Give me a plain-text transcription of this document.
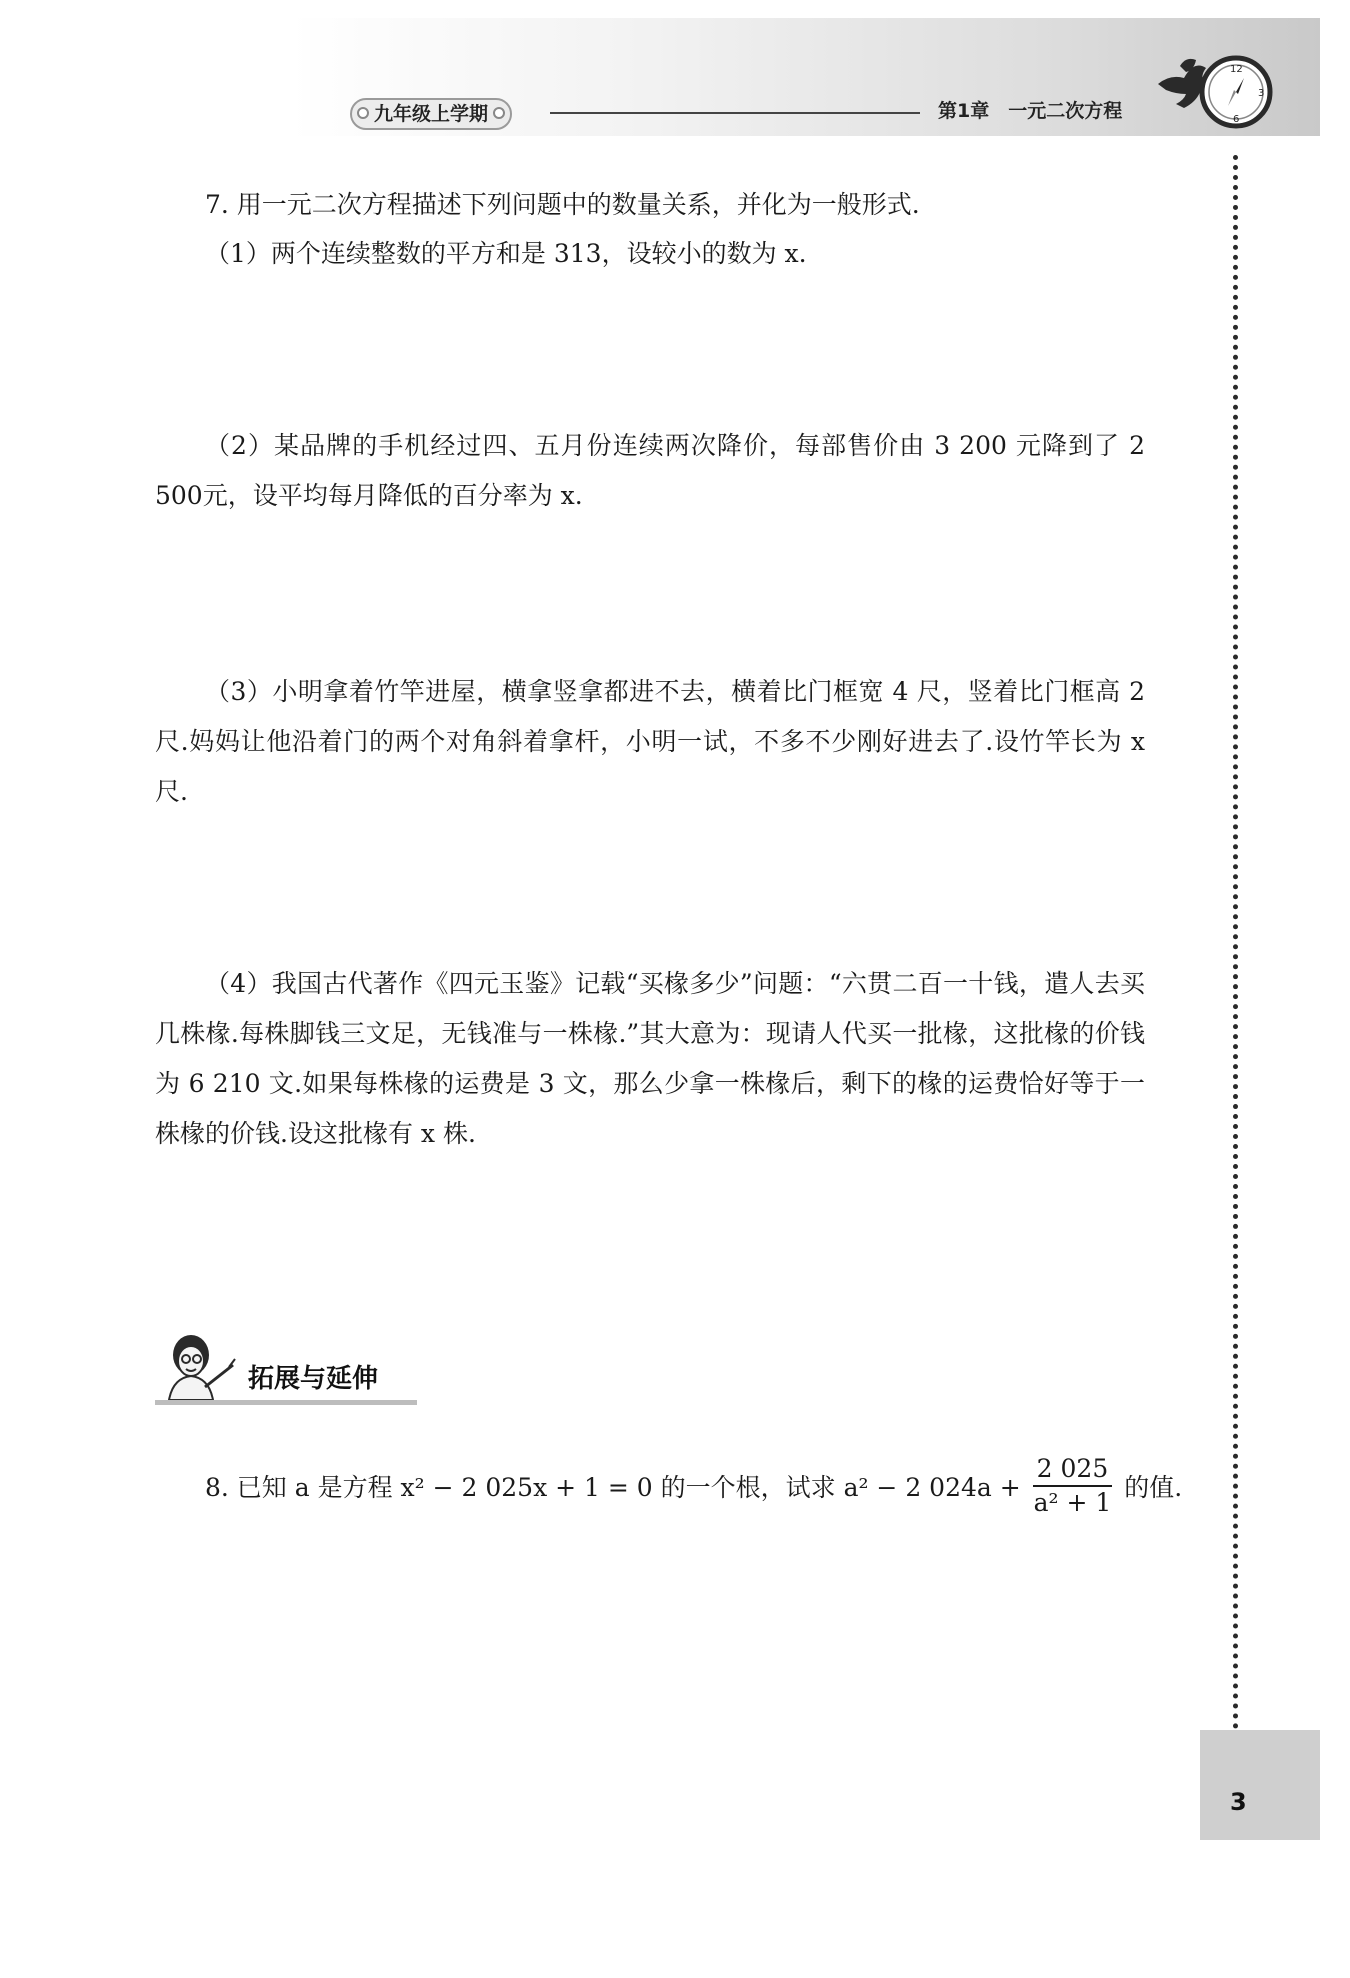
九年级上学期	第1章　一元二次方程
12
3
6
7. 用一元二次方程描述下列问题中的数量关系，并化为一般形式.
（1）两个连续整数的平方和是 313，设较小的数为 x.
（2）某品牌的手机经过四、五月份连续两次降价，每部售价由 3 200 元降到了 2 500元，设平均每月降低的百分率为 x.
（3）小明拿着竹竿进屋，横拿竖拿都进不去，横着比门框宽 4 尺，竖着比门框高 2 尺.妈妈让他沿着门的两个对角斜着拿杆，小明一试，不多不少刚好进去了.设竹竿长为 x 尺.
（4）我国古代著作《四元玉鉴》记载“买椽多少”问题：“六贯二百一十钱，遣人去买几株椽.每株脚钱三文足，无钱准与一株椽.”其大意为：现请人代买一批椽，这批椽的价钱为 6 210 文.如果每株椽的运费是 3 文，那么少拿一株椽后，剩下的椽的运费恰好等于一株椽的价钱.设这批椽有 x 株.
拓展与延伸
8. 已知 a 是方程 x² − 2 025x + 1 = 0 的一个根，试求 a² − 2 $024a + \frac{2 025}{\text{a² + 1}}$ 的值.
3
